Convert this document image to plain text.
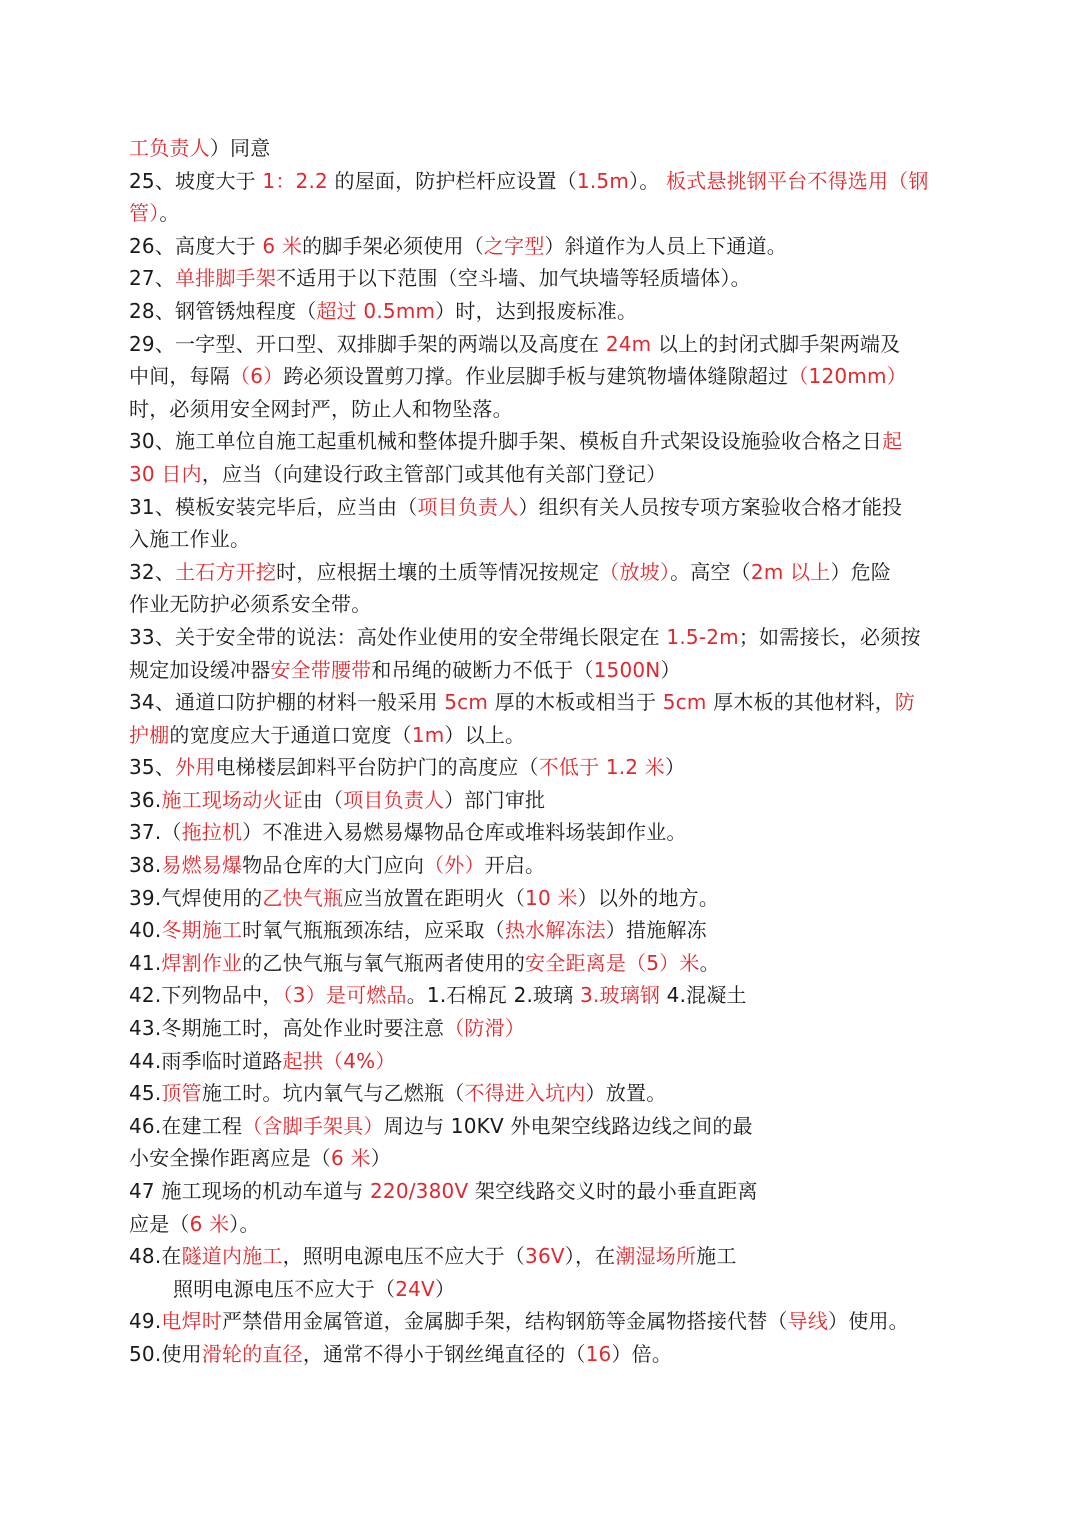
工负责人）同意
25、坡度大于 1：2.2 的屋面，防护栏杆应设置（1.5m）。 板式悬挑钢平台不得选用（钢
管）。
26、高度大于 6 米的脚手架必须使用（之字型）斜道作为人员上下通道。
27、单排脚手架不适用于以下范围（空斗墙、加气块墙等轻质墙体）。
28、钢管锈烛程度（超过 0.5mm）时，达到报废标准。
29、一字型、开口型、双排脚手架的两端以及高度在 24m 以上的封闭式脚手架两端及
中间，每隔（6）跨必须设置剪刀撑。作业层脚手板与建筑物墙体缝隙超过（120mm）
时，必须用安全网封严，防止人和物坠落。
30、施工单位自施工起重机械和整体提升脚手架、模板自升式架设设施验收合格之日起
30 日内，应当（向建设行政主管部门或其他有关部门登记）
31、模板安装完毕后，应当由（项目负责人）组织有关人员按专项方案验收合格才能投
入施工作业。
32、土石方开挖时，应根据土壤的土质等情况按规定（放坡）。高空（2m 以上）危险
作业无防护必须系安全带。
33、关于安全带的说法：高处作业使用的安全带绳长限定在 1.5-2m；如需接长，必须按
规定加设缓冲器安全带腰带和吊绳的破断力不低于（1500N）
34、通道口防护棚的材料一般采用 5cm 厚的木板或相当于 5cm 厚木板的其他材料，防
护棚的宽度应大于通道口宽度（1m）以上。
35、外用电梯楼层卸料平台防护门的高度应（不低于 1.2 米）
36.施工现场动火证由（项目负责人）部门审批
37.（拖拉机）不准进入易燃易爆物品仓库或堆料场装卸作业。
38.易燃易爆物品仓库的大门应向（外）开启。
39.气焊使用的乙快气瓶应当放置在距明火（10 米）以外的地方。
40.冬期施工时氧气瓶瓶颈冻结，应采取（热水解冻法）措施解冻
41.焊割作业的乙快气瓶与氧气瓶两者使用的安全距离是（5）米。
42.下列物品中，（3）是可燃品。1.石棉瓦 2.玻璃 3.玻璃钢 4.混凝土
43.冬期施工时，高处作业时要注意（防滑）
44.雨季临时道路起拱（4%）
45.顶管施工时。坑内氧气与乙燃瓶（不得进入坑内）放置。
46.在建工程（含脚手架具）周边与 10KV 外电架空线路边线之间的最
小安全操作距离应是（6 米）
47 施工现场的机动车道与 220/380V 架空线路交义时的最小垂直距离
应是（6 米）。
48.在隧道内施工，照明电源电压不应大于（36V），在潮湿场所施工
照明电源电压不应大于（24V）
49.电焊时严禁借用金属管道，金属脚手架，结构钢筋等金属物搭接代替（导线）使用。
50.使用滑轮的直径，通常不得小于钢丝绳直径的（16）倍。
